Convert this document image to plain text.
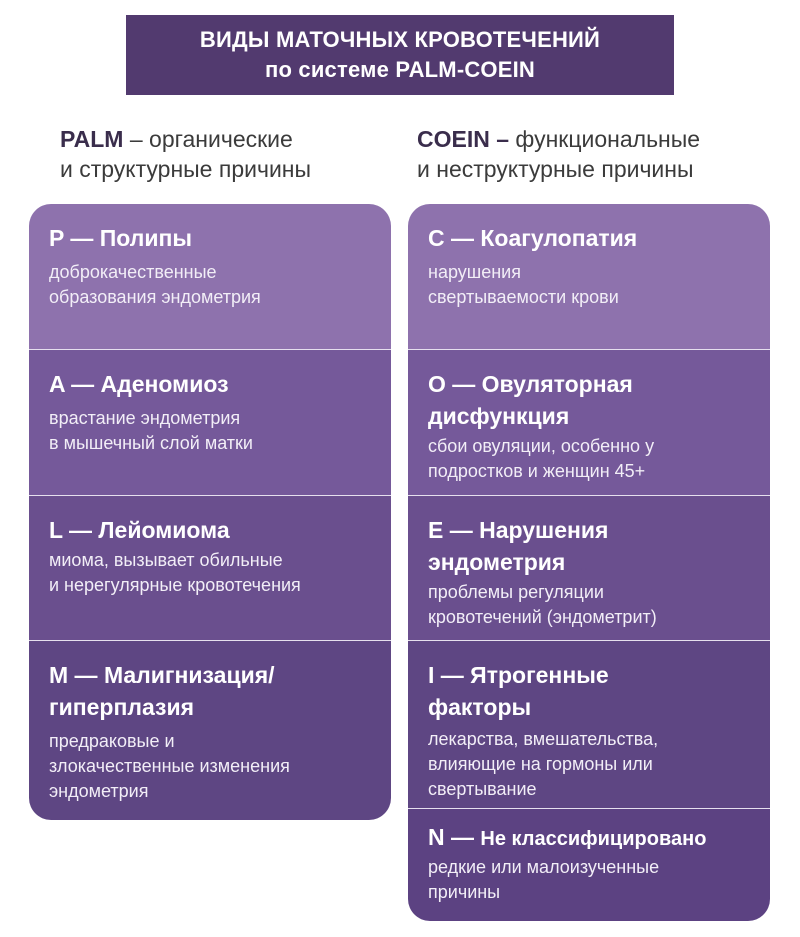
ВИДЫ МАТОЧНЫХ КРОВОТЕЧЕНИЙ
по системе PALM-COEIN
PALM – органические
и структурные причины
COEIN – функциональные
и неструктурные причины
P — Полипы
доброкачественные
образования эндометрия
A — Аденомиоз
врастание эндометрия
в мышечный слой матки
L — Лейомиома
миома, вызывает обильные
и нерегулярные кровотечения
M — Малигнизация/
гиперплазия
предраковые и
злокачественные изменения
эндометрия
C — Коагулопатия
нарушения
свертываемости крови
O — Овуляторная
дисфункция
сбои овуляции, особенно у
подростков и женщин 45+
E — Нарушения
эндометрия
проблемы регуляции
кровотечений (эндометрит)
I — Ятрогенные
факторы
лекарства, вмешательства,
влияющие на гормоны или
свертывание
N — Не классифицировано
редкие или малоизученные
причины
